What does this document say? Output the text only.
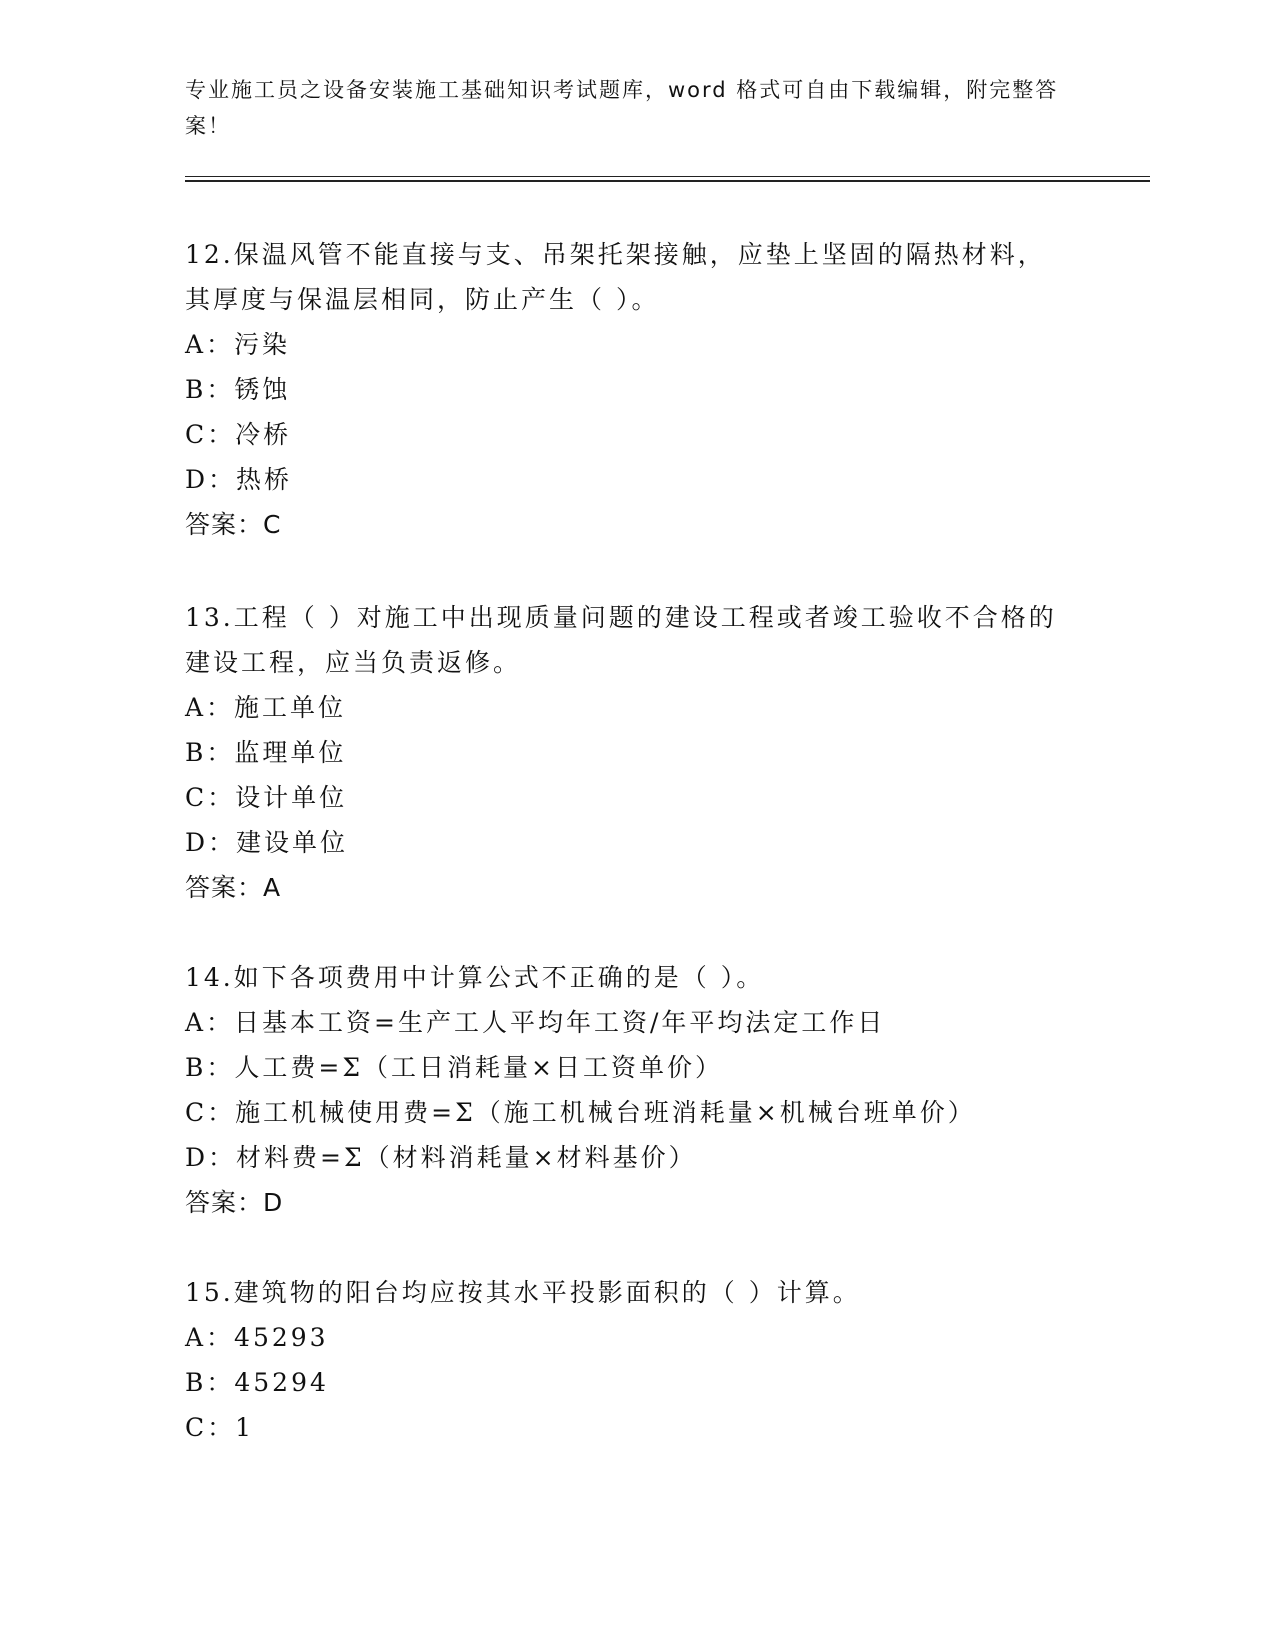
专业施工员之设备安装施工基础知识考试题库，word 格式可自由下载编辑，附完整答案！
12.保温风管不能直接与支、吊架托架接触，应垫上坚固的隔热材料，其厚度与保温层相同，防止产生（ ）。
A：污染
B：锈蚀
C：冷桥
D：热桥
答案：C
13.工程（ ）对施工中出现质量问题的建设工程或者竣工验收不合格的建设工程，应当负责返修。
A：施工单位
B：监理单位
C：设计单位
D：建设单位
答案：A
14.如下各项费用中计算公式不正确的是（ ）。
A：日基本工资=生产工人平均年工资/年平均法定工作日
B：人工费=Σ（工日消耗量×日工资单价）
C：施工机械使用费=Σ（施工机械台班消耗量×机械台班单价）
D：材料费=Σ（材料消耗量×材料基价）
答案：D
15.建筑物的阳台均应按其水平投影面积的（ ）计算。
A：45293
B：45294
C：1
